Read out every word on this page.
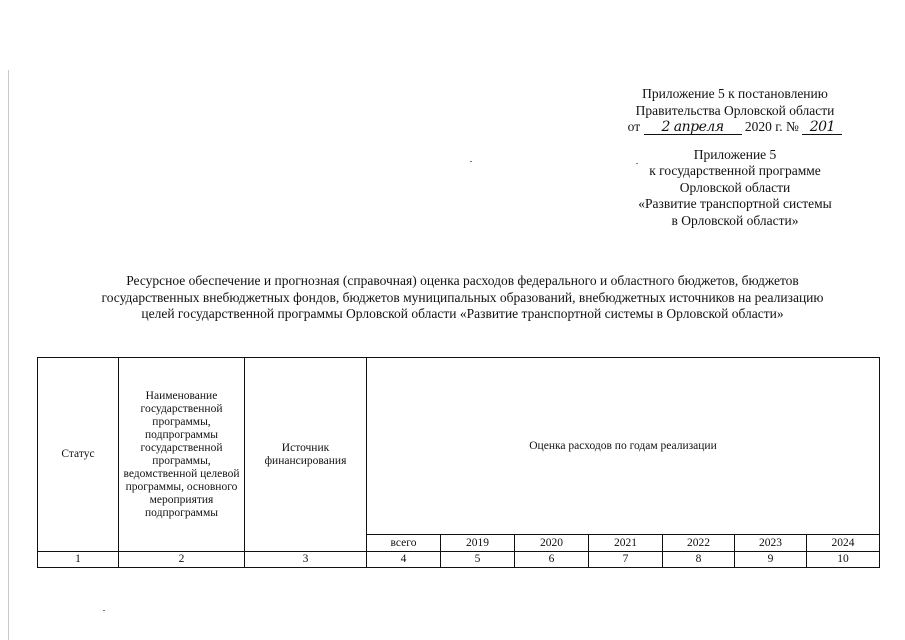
Приложение 5 к постановлению
Правительства Орловской области
от 2 апреля 2020 г. № 201
Приложение 5
к государственной программе
Орловской области
«Развитие транспортной системы
в Орловской области»
Ресурсное обеспечение и прогнозная (справочная) оценка расходов федерального и областного бюджетов, бюджетов
государственных внебюджетных фондов, бюджетов муниципальных образований, внебюджетных источников на реализацию
целей государственной программы Орловской области «Развитие транспортной системы в Орловской области»
Статус	Наименование государственной программы, подпрограммы государственной программы, ведомственной целевой программы, основного мероприятия подпрограммы	Источник финансирования	Оценка расходов по годам реализации						
			всего	2019	2020	2021	2022	2023	2024
1	2	3	4	5	6	7	8	9	10
